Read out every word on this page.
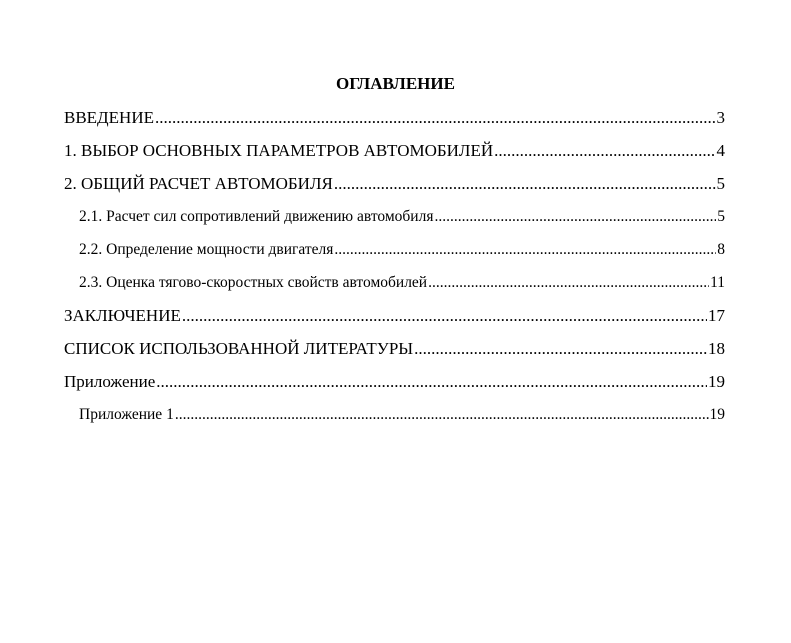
ОГЛАВЛЕНИЕ
ВВЕДЕНИЕ .....	3
1. ВЫБОР ОСНОВНЫХ ПАРАМЕТРОВ АВТОМОБИЛЕЙ .....	4
2. ОБЩИЙ РАСЧЕТ АВТОМОБИЛЯ .....	5
2.1. Расчет сил сопротивлений движению автомобиля .....	5
2.2. Определение мощности двигателя .....	8
2.3. Оценка тягово-скоростных свойств автомобилей .....	11
ЗАКЛЮЧЕНИЕ .....	17
СПИСОК ИСПОЛЬЗОВАННОЙ ЛИТЕРАТУРЫ .....	18
Приложение .....	19
Приложение 1 .....	19
